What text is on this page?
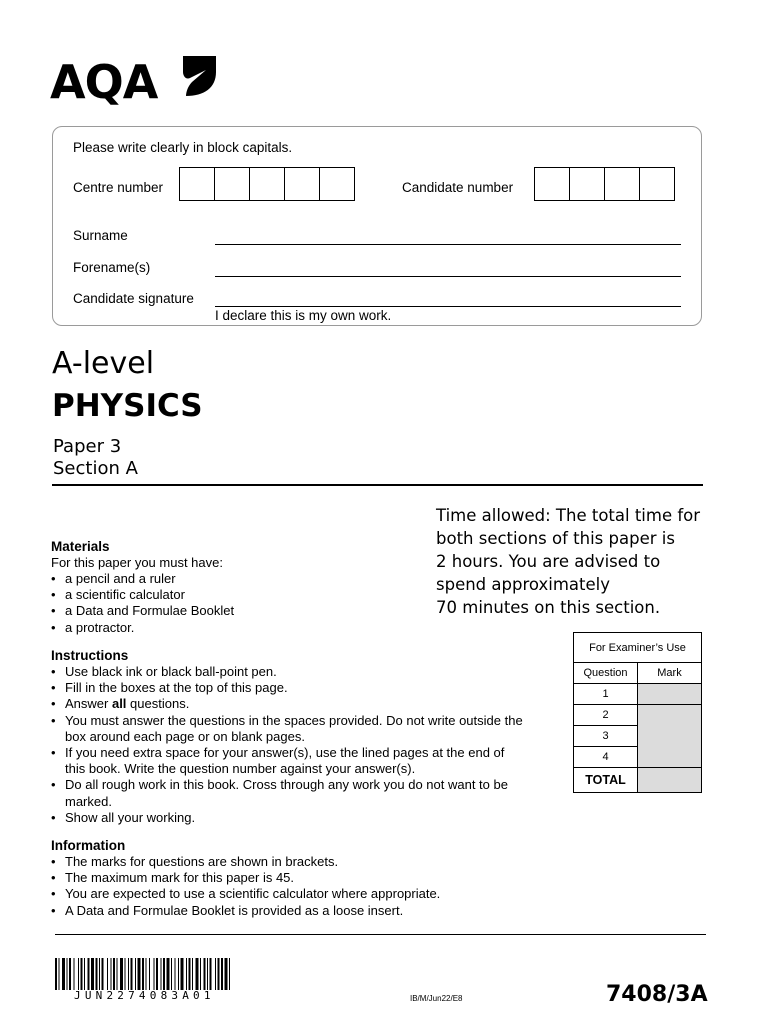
AQA
Please write clearly in block capitals.
Centre number	Candidate number
Surname
Forename(s)
Candidate signature
I declare this is my own work.
A-level
PHYSICS
Paper 3
Section A
Time allowed: The total time for
both sections of this paper is
2 hours. You are advised to
spend approximately
70 minutes on this section.
Materials
For this paper you must have:
• a pencil and a ruler
• a scientific calculator
• a Data and Formulae Booklet
• a protractor.
Instructions
• Use black ink or black ball-point pen.
• Fill in the boxes at the top of this page.
• Answer all questions.
• You must answer the questions in the spaces provided. Do not write outside the box around each page or on blank pages.
• If you need extra space for your answer(s), use the lined pages at the end of this book. Write the question number against your answer(s).
• Do all rough work in this book. Cross through any work you do not want to be marked.
• Show all your working.
Information
• The marks for questions are shown in brackets.
• The maximum mark for this paper is 45.
• You are expected to use a scientific calculator where appropriate.
• A Data and Formulae Booklet is provided as a loose insert.
For Examiner’s Use	
Question	Mark
1	
2	
3	
4	
TOTAL	
JUN2274083A01	IB/M/Jun22/E8	7408/3A
